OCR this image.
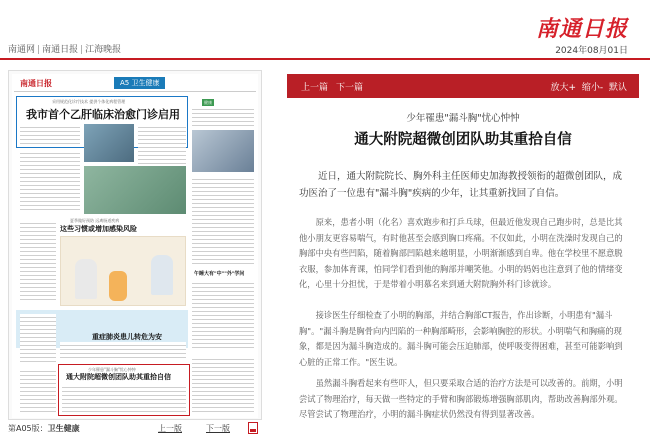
南通网 | 南通日报 | 江海晚报
南通日报
2024年08月01日
南通日报	A5 卫生健康
采用规范化诊疗技术 提供个体化病程管理
我市首个乙肝临床治愈门诊启用
健康
午睡大有"中""外"学问
夏季做好预防 远离肠道疾病
这些习惯或增加感染风险
重症肺炎患儿转危为安
少年罹患"漏斗胸"忧心忡忡
通大附院超微创团队助其重拾自信
第A05版：卫生健康	上一版	下一版
上一篇 下一篇	放大+ 缩小- 默认
少年罹患"漏斗胸"忧心忡忡
通大附院超微创团队助其重拾自信

近日，通大附院院长、胸外科主任医师史加海教授领衔的超微创团队，成功医治了一位患有"漏斗胸"疾病的少年，让其重新找回了自信。

原来，患者小明（化名）喜欢跑步和打乒乓球，但最近他发现自己跑步时，总是比其他小朋友更容易喘气，有时他甚至会感到胸口疼痛。不仅如此，小明在洗澡时发现自己的胸部中央有些凹陷，随着胸部凹陷越来越明显，小明渐渐感到自卑。他在学校里不愿意脱衣服，参加体育课，怕同学们看到他的胸部并嘲笑他。小明的妈妈也注意到了他的情绪变化，心里十分担忧，于是带着小明慕名来到通大附院胸外科门诊就诊。

接诊医生仔细检查了小明的胸部，并结合胸部CT报告，作出诊断，小明患有"漏斗胸"。"漏斗胸是胸骨向内凹陷的一种胸部畸形，会影响胸腔的形状。小明喘气和胸痛的现象，都是因为漏斗胸造成的。漏斗胸可能会压迫肺部，使呼吸变得困难，甚至可能影响到心脏的正常工作。"医生说。

虽然漏斗胸看起来有些吓人，但只要采取合适的治疗方法是可以改善的。前期，小明尝试了物理治疗，每天做一些特定的手臂和胸部锻炼增强胸部肌肉，帮助改善胸部外观。尽管尝试了物理治疗，小明的漏斗胸症状仍然没有得到显著改善。
